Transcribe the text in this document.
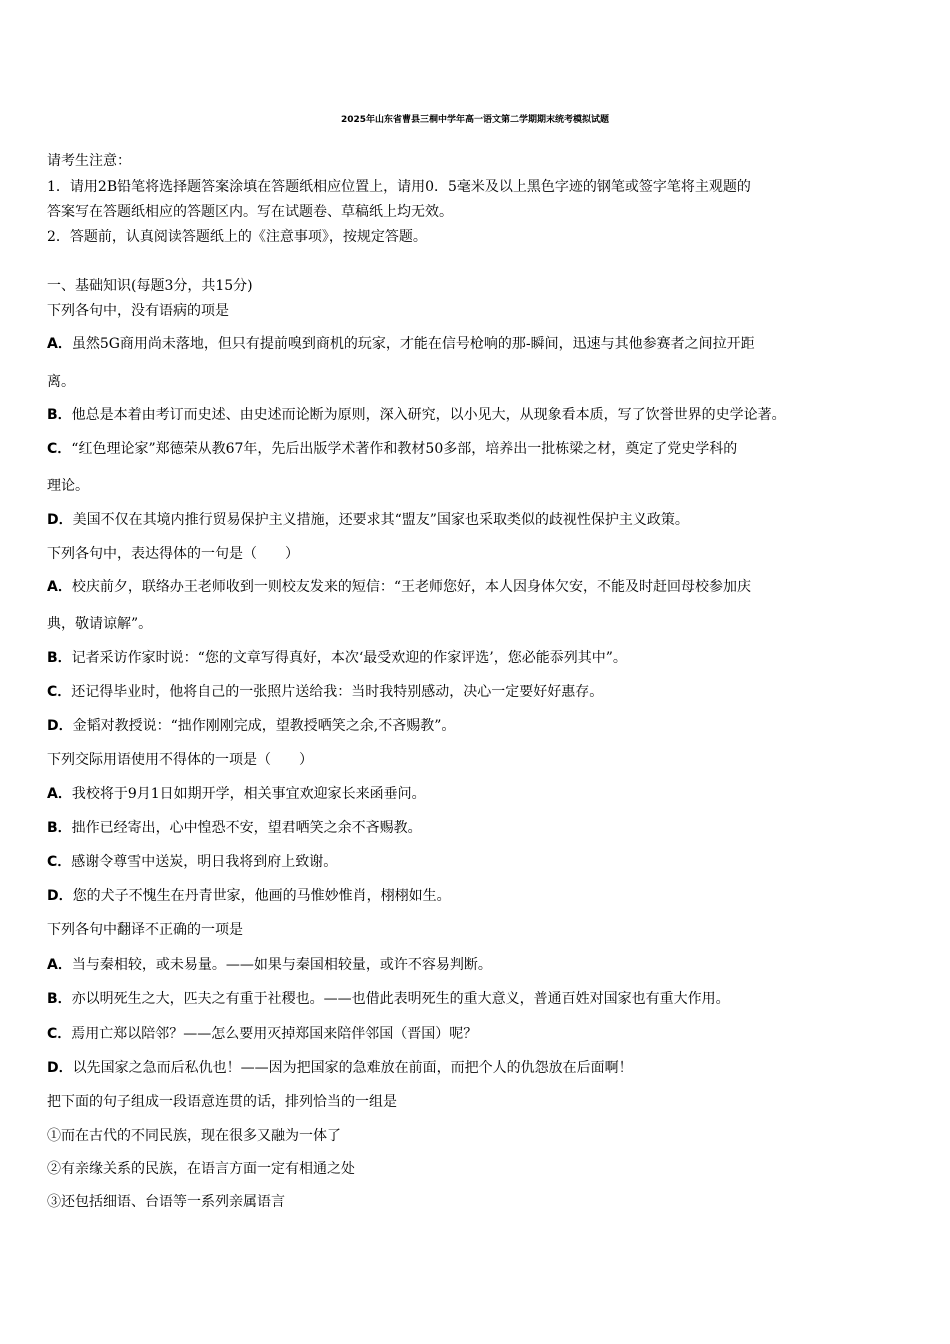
2025年山东省曹县三桐中学年高一语文第二学期期末统考模拟试题
请考生注意：
1．请用2B铅笔将选择题答案涂填在答题纸相应位置上，请用0．5毫米及以上黑色字迹的钢笔或签字笔将主观题的
答案写在答题纸相应的答题区内。写在试题卷、草稿纸上均无效。
2．答题前，认真阅读答题纸上的《注意事项》，按规定答题。
一、基础知识(每题3分，共15分)
下列各句中，没有语病的项是
A．虽然5G商用尚未落地，但只有提前嗅到商机的玩家，才能在信号枪响的那-瞬间，迅速与其他参赛者之间拉开距
离。
B．他总是本着由考订而史述、由史述而论断为原则，深入研究，以小见大，从现象看本质，写了饮誉世界的史学论著。
C．“红色理论家”郑德荣从教67年，先后出版学术著作和教材50多部，培养出一批栋梁之材，奠定了党史学科的
理论。
D．美国不仅在其境内推行贸易保护主义措施，还要求其“盟友”国家也采取类似的歧视性保护主义政策。
下列各句中，表达得体的一句是（　　）
A．校庆前夕，联络办王老师收到一则校友发来的短信：“王老师您好，本人因身体欠安，不能及时赶回母校参加庆
典，敬请谅解”。
B．记者采访作家时说：“您的文章写得真好，本次‘最受欢迎的作家评选’，您必能忝列其中”。
C．还记得毕业时，他将自己的一张照片送给我：当时我特别感动，决心一定要好好惠存。
D．金韬对教授说：“拙作刚刚完成，望教授哂笑之余,不吝赐教”。
下列交际用语使用不得体的一项是（　　）
A．我校将于9月1日如期开学，相关事宜欢迎家长来函垂问。
B．拙作已经寄出，心中惶恐不安，望君哂笑之余不吝赐教。
C．感谢令尊雪中送炭，明日我将到府上致谢。
D．您的犬子不愧生在丹青世家，他画的马惟妙惟肖，栩栩如生。
下列各句中翻译不正确的一项是
A．当与秦相较，或未易量。——如果与秦国相较量，或许不容易判断。
B．亦以明死生之大，匹夫之有重于社稷也。——也借此表明死生的重大意义，普通百姓对国家也有重大作用。
C．焉用亡郑以陪邻？——怎么要用灭掉郑国来陪伴邻国（晋国）呢？
D．以先国家之急而后私仇也！——因为把国家的急难放在前面，而把个人的仇怨放在后面啊！
把下面的句子组成一段语意连贯的话，排列恰当的一组是
①而在古代的不同民族，现在很多又融为一体了
②有亲缘关系的民族，在语言方面一定有相通之处
③还包括细语、台语等一系列亲属语言
